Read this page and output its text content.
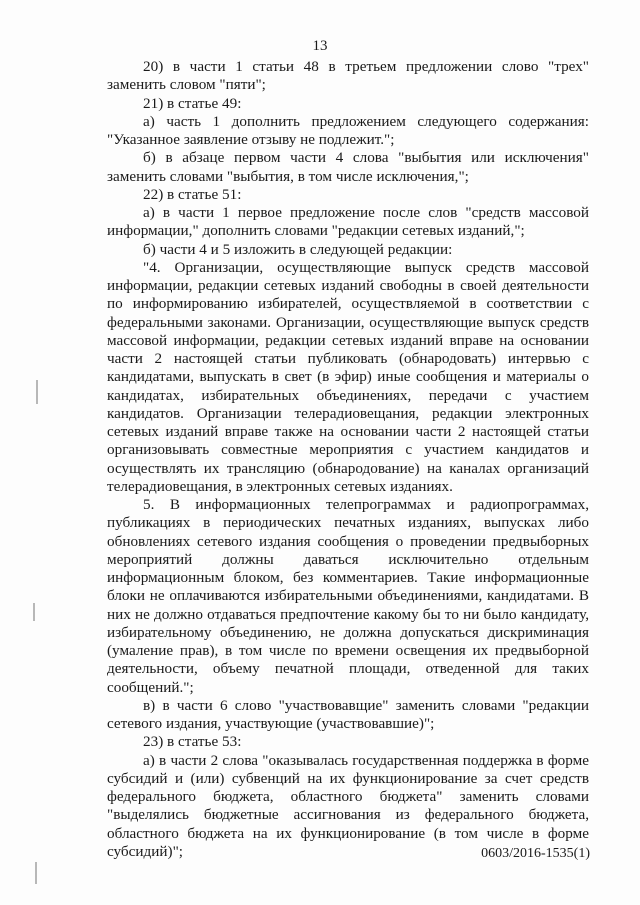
13

20) в части 1 статьи 48 в третьем предложении слово "трех" заменить словом "пяти";

21) в статье 49:

а) часть 1 дополнить предложением следующего содержания: "Указанное заявление отзыву не подлежит.";

б) в абзаце первом части 4 слова "выбытия или исключения" заменить словами "выбытия, в том числе исключения,";

22) в статье 51:

а) в части 1 первое предложение после слов "средств массовой информации," дополнить словами "редакции сетевых изданий,";

б) части 4 и 5 изложить в следующей редакции:

"4. Организации, осуществляющие выпуск средств массовой информации, редакции сетевых изданий свободны в своей деятельности по информированию избирателей, осуществляемой в соответствии с федеральными законами. Организации, осуществляющие выпуск средств массовой информации, редакции сетевых изданий вправе на основании части 2 настоящей статьи публиковать (обнародовать) интервью с кандидатами, выпускать в свет (в эфир) иные сообщения и материалы о кандидатах, избирательных объединениях, передачи с участием кандидатов. Организации телерадиовещания, редакции электронных сетевых изданий вправе также на основании части 2 настоящей статьи организовывать совместные мероприятия с участием кандидатов и осуществлять их трансляцию (обнародование) на каналах организаций телерадиовещания, в электронных сетевых изданиях.

5. В информационных телепрограммах и радиопрограммах, публикациях в периодических печатных изданиях, выпусках либо обновлениях сетевого издания сообщения о проведении предвыборных мероприятий должны даваться исключительно отдельным информационным блоком, без комментариев. Такие информационные блоки не оплачиваются избирательными объединениями, кандидатами. В них не должно отдаваться предпочтение какому бы то ни было кандидату, избирательному объединению, не должна допускаться дискриминация (умаление прав), в том числе по времени освещения их предвыборной деятельности, объему печатной площади, отведенной для таких сообщений.";

в) в части 6 слово "участвовавщие" заменить словами "редакции сетевого издания, участвующие (участвовавшие)";

23) в статье 53:

а) в части 2 слова "оказывалась государственная поддержка в форме субсидий и (или) субвенций на их функционирование за счет средств федерального бюджета, областного бюджета" заменить словами "выделялись бюджетные ассигнования из федерального бюджета, областного бюджета на их функционирование (в том числе в форме субсидий)";	0603/2016-1535(1)
